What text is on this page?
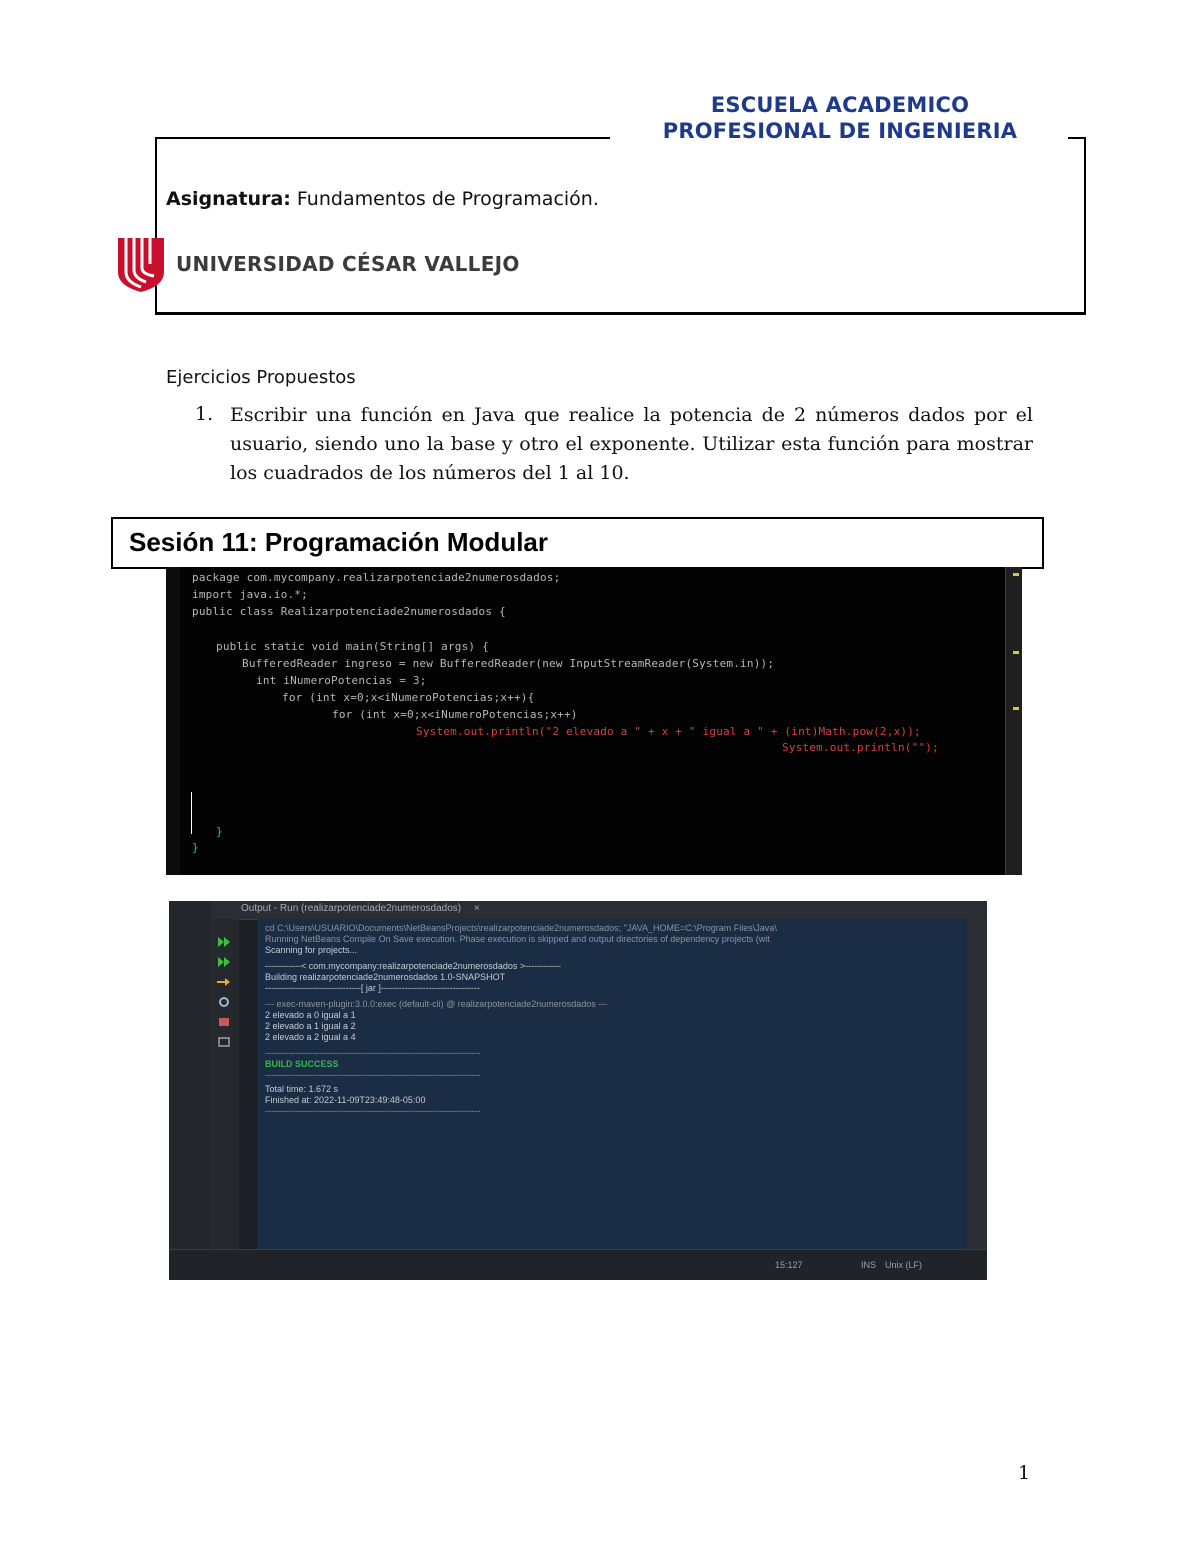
ESCUELA ACADEMICO
PROFESIONAL DE INGENIERIA
Asignatura: Fundamentos de Programación.
UNIVERSIDAD CÉSAR VALLEJO
Ejercicios Propuestos
1. Escribir una función en Java que realice la potencia de 2 números dados por el usuario, siendo uno la base y otro el exponente. Utilizar esta función para mostrar los cuadrados de los números del 1 al 10.
Sesión 11: Programación Modular
package com.mycompany.realizarpotenciade2numerosdados;
import java.io.*;
public class Realizarpotenciade2numerosdados {
public static void main(String[] args) {
BufferedReader ingreso = new BufferedReader(new InputStreamReader(System.in));
int iNumeroPotencias = 3;
for (int x=0;x<iNumeroPotencias;x++){
for (int x=0;x<iNumeroPotencias;x++)
System.out.println("2 elevado a " + x + " igual a " + (int)Math.pow(2,x));
System.out.println("");
}
}
Output - Run (realizarpotenciade2numerosdados) ×
cd C:\Users\USUARIO\Documents\NetBeansProjects\realizarpotenciade2numerosdados; "JAVA_HOME=C:\Program Files\Java\
Running NetBeans Compile On Save execution. Phase execution is skipped and output directories of dependency projects (wit
Scanning for projects...
------------< com.mycompany:realizarpotenciade2numerosdados >------------
Building realizarpotenciade2numerosdados 1.0-SNAPSHOT
--------------------------------[ jar ]---------------------------------
--- exec-maven-plugin:3.0.0:exec (default-cli) @ realizarpotenciade2numerosdados ---
2 elevado a 0 igual a 1
2 elevado a 1 igual a 2
2 elevado a 2 igual a 4
------------------------------------------------------------------------
BUILD SUCCESS
------------------------------------------------------------------------
Total time: 1.672 s
Finished at: 2022-11-09T23:49:48-05:00
------------------------------------------------------------------------
15:127	INS Unix (LF)
1
